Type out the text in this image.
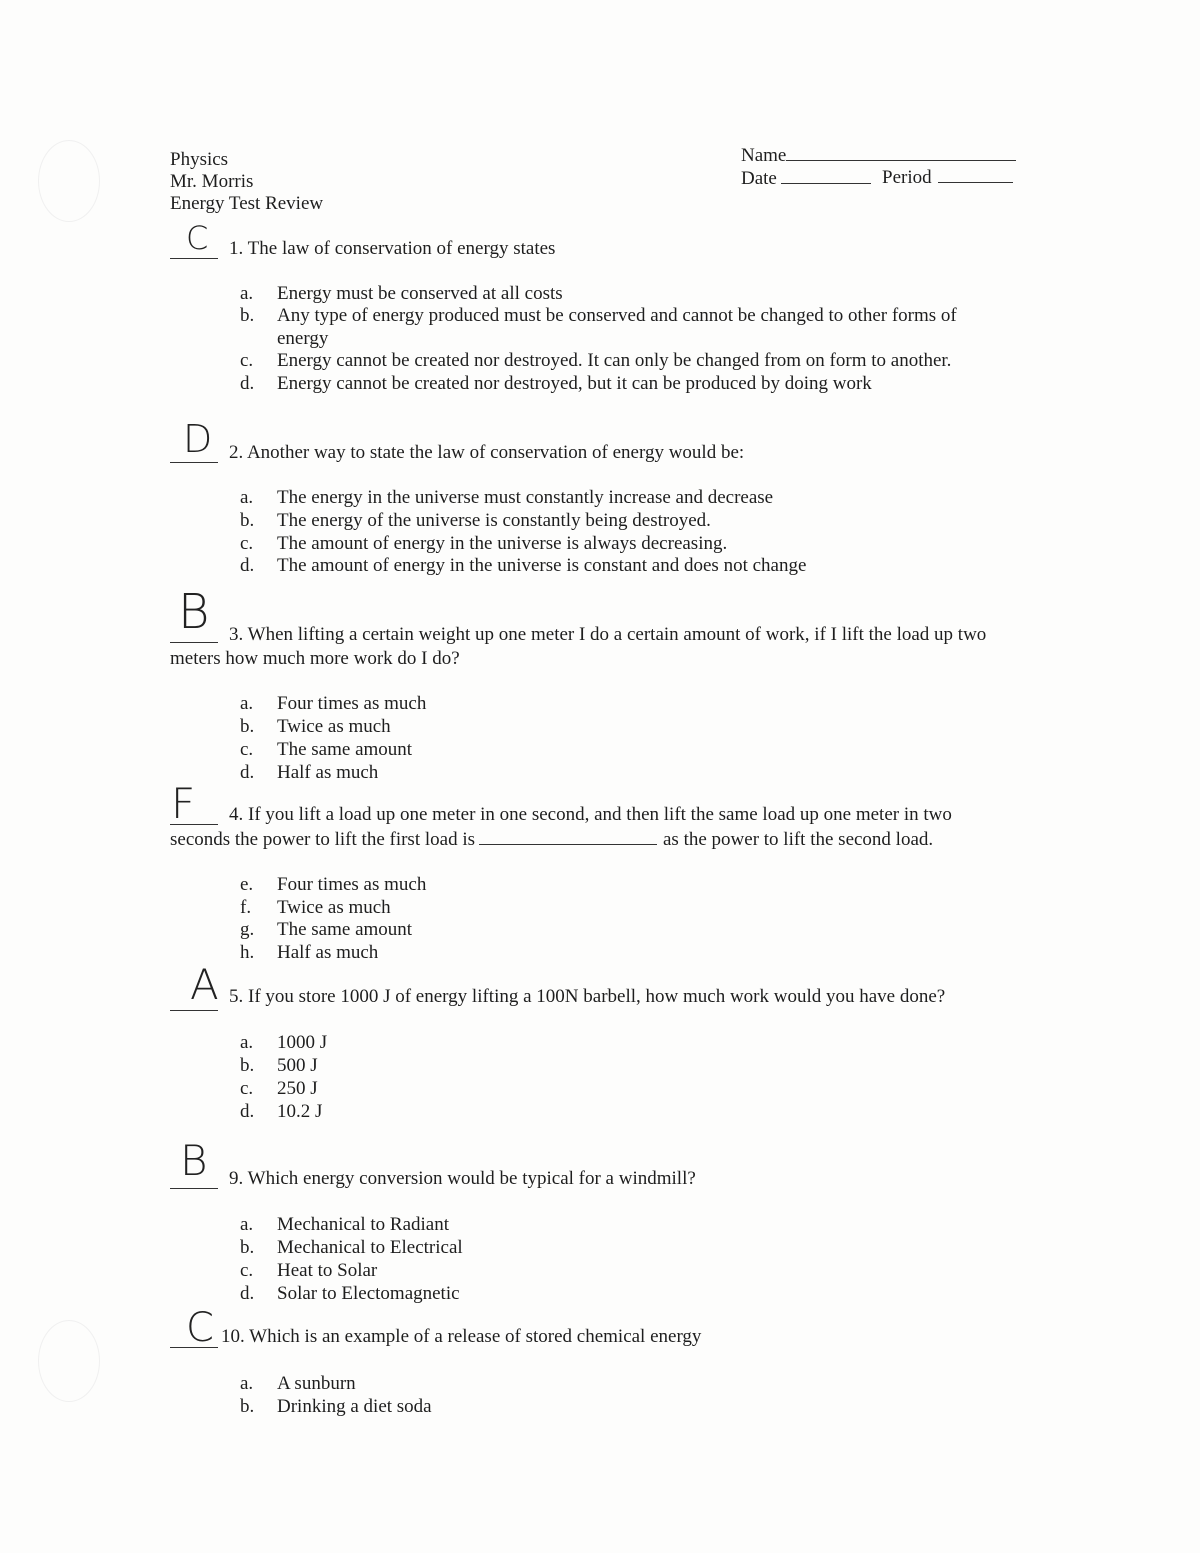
Physics
Mr. Morris
Energy Test Review
Name
Date	Period
C 1. The law of conservation of energy states
a.	Energy must be conserved at all costs
b.	Any type of energy produced must be conserved and cannot be changed to other forms of
energy
c.	Energy cannot be created nor destroyed. It can only be changed from on form to another.
d.	Energy cannot be created nor destroyed, but it can be produced by doing work
D 2. Another way to state the law of conservation of energy would be:
a.	The energy in the universe must constantly increase and decrease
b.	The energy of the universe is constantly being destroyed.
c.	The amount of energy in the universe is always decreasing.
d.	The amount of energy in the universe is constant and does not change
B 3. When lifting a certain weight up one meter I do a certain amount of work, if I lift the load up two
meters how much more work do I do?
a.	Four times as much
b.	Twice as much
c.	The same amount
d.	Half as much
F 4. If you lift a load up one meter in one second, and then lift the same load up one meter in two
seconds the power to lift the first load is	as the power to lift the second load.
e.	Four times as much
f.	Twice as much
g.	The same amount
h.	Half as much
A 5. If you store 1000 J of energy lifting a 100N barbell, how much work would you have done?
a.	1000 J
b.	500 J
c.	250 J
d.	10.2 J
B 9. Which energy conversion would be typical for a windmill?
a.	Mechanical to Radiant
b.	Mechanical to Electrical
c.	Heat to Solar
d.	Solar to Electomagnetic
C 10. Which is an example of a release of stored chemical energy
a.	A sunburn
b.	Drinking a diet soda
